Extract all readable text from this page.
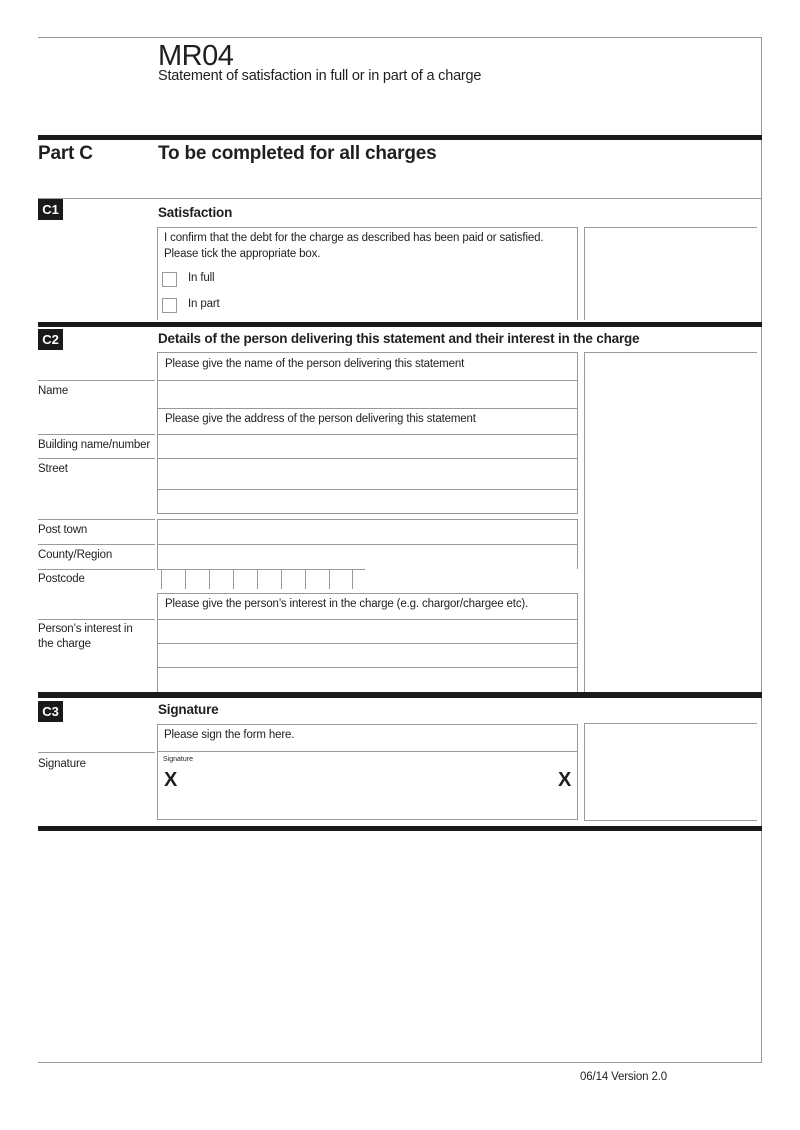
MR04
Statement of satisfaction in full or in part of a charge
Part C	To be completed for all charges
C1	Satisfaction
I confirm that the debt for the charge as described has been paid or satisfied.
Please tick the appropriate box.
In full
In part
C2	Details of the person delivering this statement and their interest in the charge
Please give the name of the person delivering this statement
Please give the address of the person delivering this statement
Please give the person’s interest in the charge (e.g. chargor/chargee etc).
Name
Building name/number
Street
Post town
County/Region
Postcode
Person’s interest in the charge
C3	Signature
Please sign the form here.
Signature
X	X
Signature
06/14 Version 2.0
